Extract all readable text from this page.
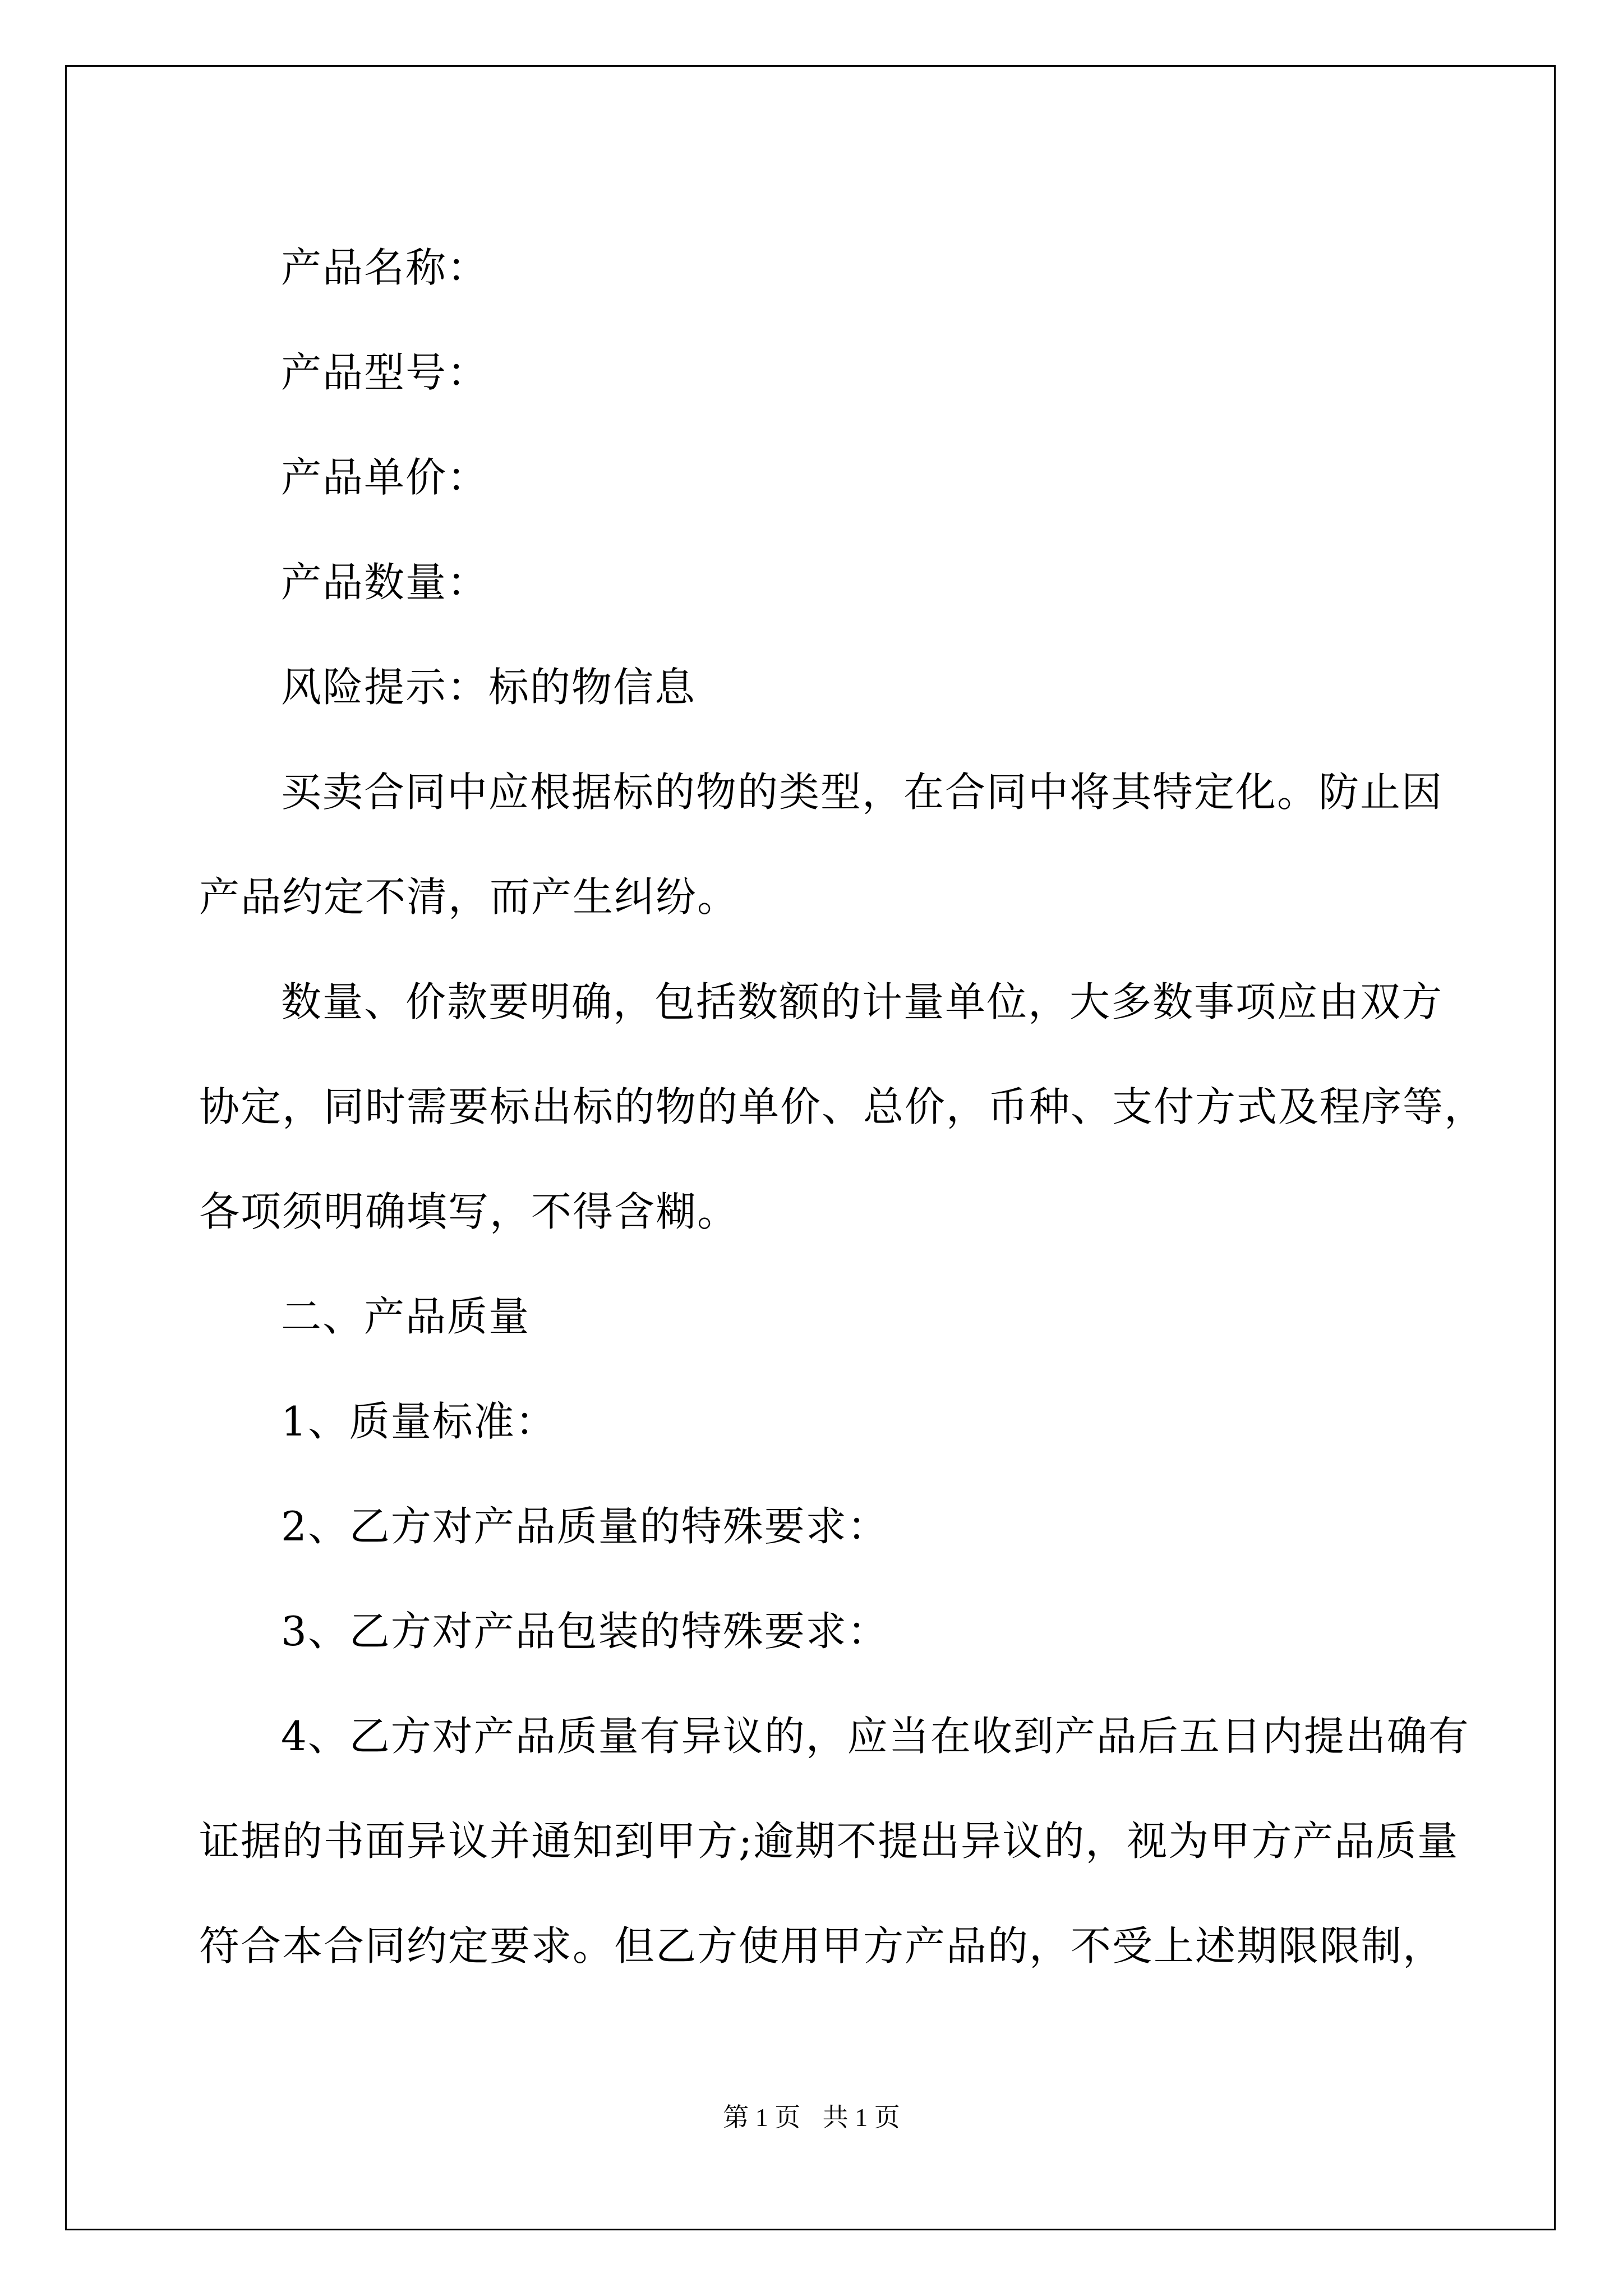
产品名称：

产品型号：

产品单价：

产品数量：

风险提示：标的物信息

买卖合同中应根据标的物的类型，在合同中将其特定化。防止因

产品约定不清，而产生纠纷。

数量、价款要明确，包括数额的计量单位，大多数事项应由双方

协定，同时需要标出标的物的单价、总价，币种、支付方式及程序等，

各项须明确填写，不得含糊。

二、产品质量

1、质量标准：

2、乙方对产品质量的特殊要求：

3、乙方对产品包装的特殊要求：

4、乙方对产品质量有异议的，应当在收到产品后五日内提出确有

证据的书面异议并通知到甲方;逾期不提出异议的，视为甲方产品质量

符合本合同约定要求。但乙方使用甲方产品的，不受上述期限限制，

第 1 页 共 1 页
